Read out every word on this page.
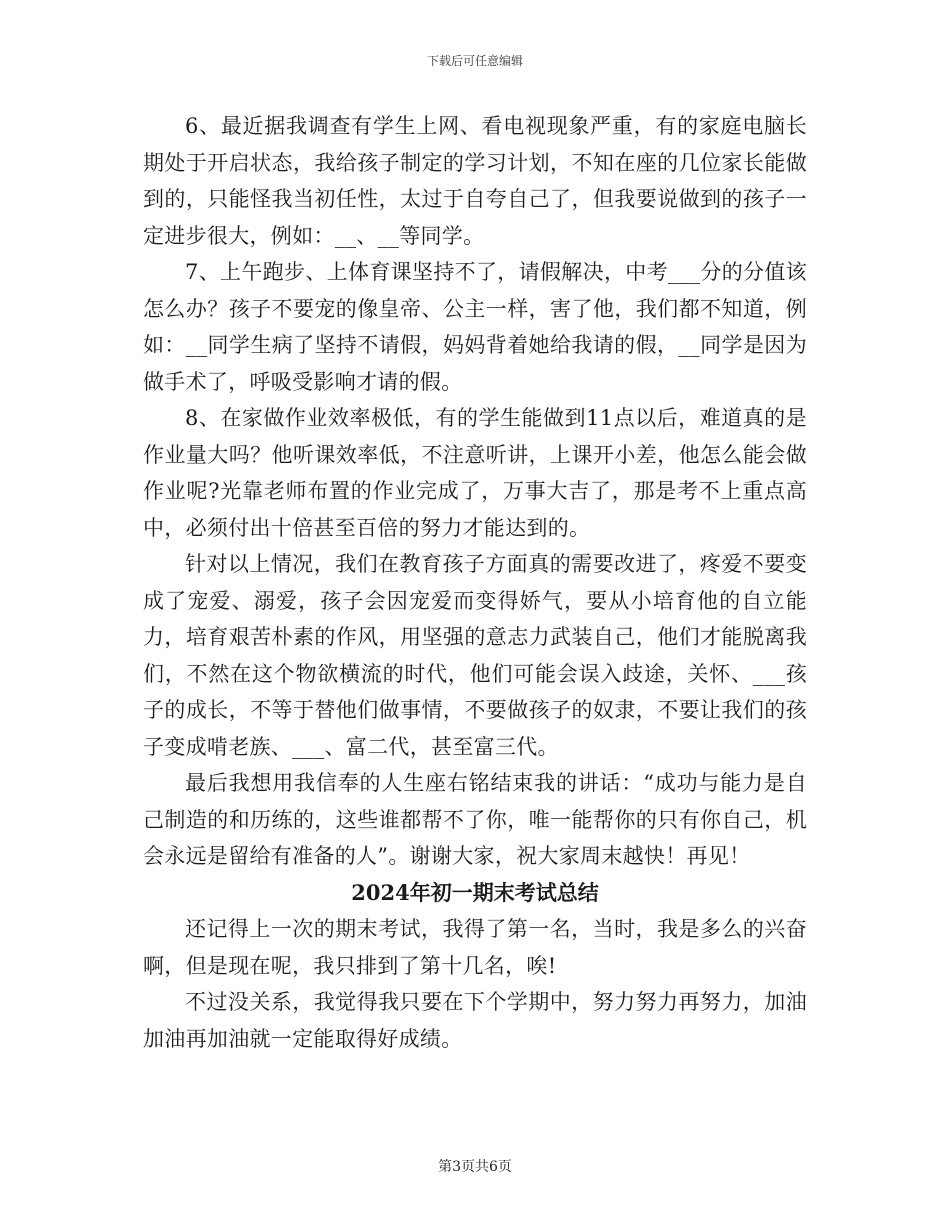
下载后可任意编辑

6、最近据我调查有学生上网、看电视现象严重，有的家庭电脑长期处于开启状态，我给孩子制定的学习计划，不知在座的几位家长能做到的，只能怪我当初任性，太过于自夸自己了，但我要说做到的孩子一定进步很大，例如：__、__等同学。

7、上午跑步、上体育课坚持不了，请假解决，中考___分的分值该怎么办？孩子不要宠的像皇帝、公主一样，害了他，我们都不知道，例如：__同学生病了坚持不请假，妈妈背着她给我请的假，__同学是因为做手术了，呼吸受影响才请的假。

8、在家做作业效率极低，有的学生能做到11点以后，难道真的是作业量大吗？他听课效率低，不注意听讲，上课开小差，他怎么能会做作业呢?光靠老师布置的作业完成了，万事大吉了，那是考不上重点高中，必须付出十倍甚至百倍的努力才能达到的。

针对以上情况，我们在教育孩子方面真的需要改进了，疼爱不要变成了宠爱、溺爱，孩子会因宠爱而变得娇气，要从小培育他的自立能力，培育艰苦朴素的作风，用坚强的意志力武装自己，他们才能脱离我们，不然在这个物欲横流的时代，他们可能会误入歧途，关怀、___孩子的成长，不等于替他们做事情，不要做孩子的奴隶，不要让我们的孩子变成啃老族、___、富二代，甚至富三代。

最后我想用我信奉的人生座右铭结束我的讲话：“成功与能力是自己制造的和历练的，这些谁都帮不了你，唯一能帮你的只有你自己，机会永远是留给有准备的人”。谢谢大家，祝大家周末越快！再见！

2024年初一期末考试总结

还记得上一次的期末考试，我得了第一名，当时，我是多么的兴奋啊，但是现在呢，我只排到了第十几名，唉!

不过没关系，我觉得我只要在下个学期中，努力努力再努力，加油加油再加油就一定能取得好成绩。

第3页共6页
